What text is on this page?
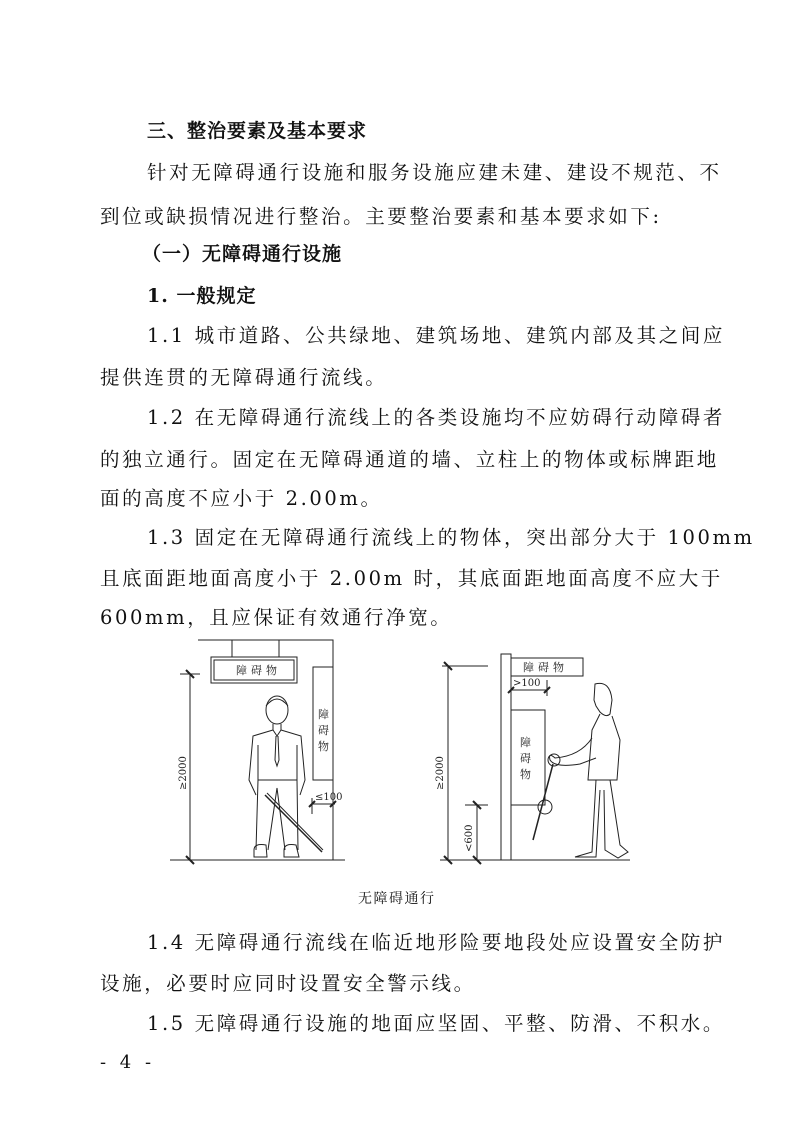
三、整治要素及基本要求
针对无障碍通行设施和服务设施应建未建、建设不规范、不
到位或缺损情况进行整治。主要整治要素和基本要求如下:
（一）无障碍通行设施
1. 一般规定
1.1 城市道路、公共绿地、建筑场地、建筑内部及其之间应
提供连贯的无障碍通行流线。
1.2 在无障碍通行流线上的各类设施均不应妨碍行动障碍者
的独立通行。固定在无障碍通道的墙、立柱上的物体或标牌距地
面的高度不应小于 2.00m。
1.3 固定在无障碍通行流线上的物体，突出部分大于 100mm
且底面距地面高度小于 2.00m 时，其底面距地面高度不应大于
600mm，且应保证有效通行净宽。
障碍物
障
碍
物
≤100
≥2000
障碍物
>100
障
碍
物
≥2000
<600
无障碍通行
1.4 无障碍通行流线在临近地形险要地段处应设置安全防护
设施，必要时应同时设置安全警示线。
1.5 无障碍通行设施的地面应坚固、平整、防滑、不积水。
- 4 -
